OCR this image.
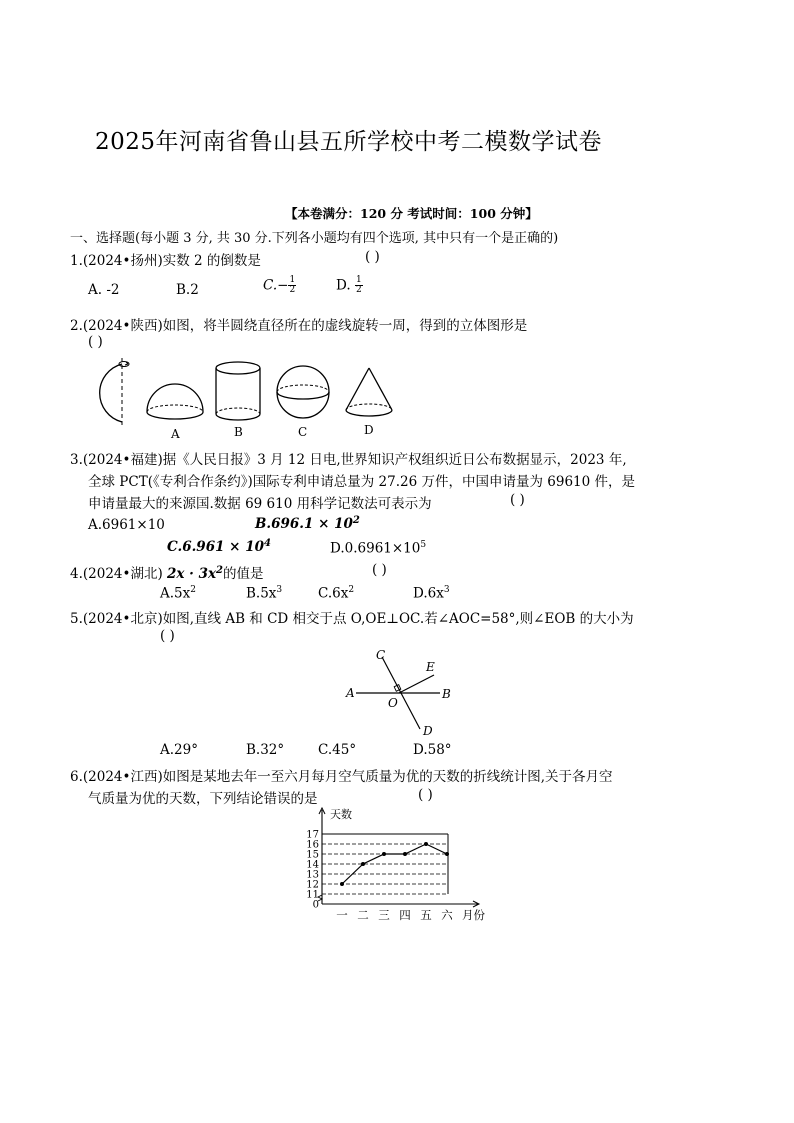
2025年河南省鲁山县五所学校中考二模数学试卷
【本卷满分：120 分 考试时间：100 分钟】
一、选择题(每小题 3 分, 共 30 分.下列各小题均有四个选项, 其中只有一个是正确的)
1.(2024•扬州)实数 2 的倒数是	( )
A. -2	B.2	$C.- \frac{1}{2}$	D. $\frac{1}{2}$
2.(2024•陕西)如图，将半圆绕直径所在的虚线旋转一周，得到的立体图形是
( )
A	B	C	D
3.(2024•福建)据《人民日报》3 月 12 日电,世界知识产权组织近日公布数据显示，2023 年,
全球 PCT(《专利合作条约》)国际专利申请总量为 27.26 万件，中国申请量为 69610 件，是
申请量最大的来源国.数据 69 610 用科学记数法可表示为	( )
A.6961×10	$B.696.1 \times 10^2$
$C.6.961 \times 10^4$	$D.0.6961\times 10^5$
4.(2024•湖北) $2x \cdot 3x^2$的值是	( )
$A.5x^2$	$B.5x^3$	$C.6x^2$	$D.6x^3$
5.(2024•北京)如图,直线 AB 和 CD 相交于点 O,OE⊥OC.若∠AOC=58°,则∠EOB 的大小为
( )
A	B
C
D
E
O
A.29°	B.32°	C.45°	D.58°
6.(2024•江西)如图是某地去年一至六月每月空气质量为优的天数的折线统计图,关于各月空
气质量为优的天数，下列结论错误的是	( )
0
11
12
13
14
15
16
17
天数
一 二 三 四 五 六 月份
